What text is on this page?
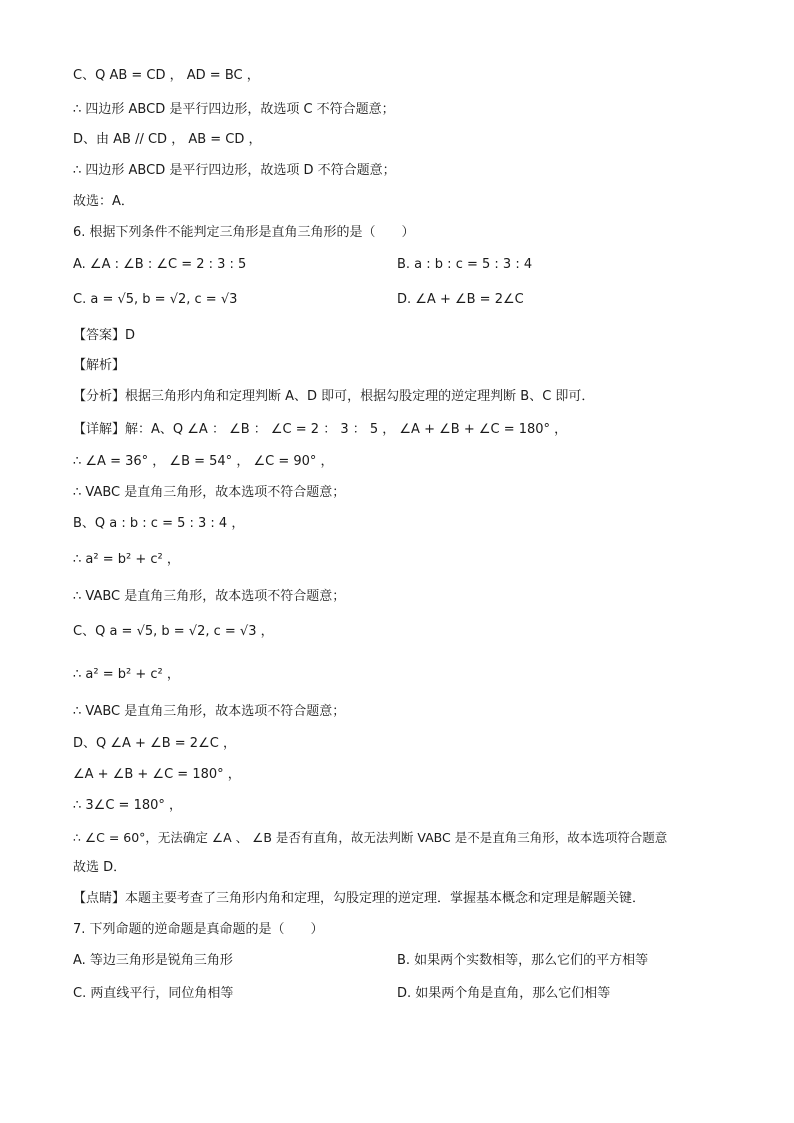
C、Q AB = CD ， AD = BC ，
∴ 四边形 ABCD 是平行四边形，故选项 C 不符合题意；
D、由 AB // CD ， AB = CD ，
∴ 四边形 ABCD 是平行四边形，故选项 D 不符合题意；
故选：A．
6. 根据下列条件不能判定三角形是直角三角形的是（　　）
A. ∠A : ∠B : ∠C = 2 : 3 : 5	B. a : b : c = 5 : 3 : 4
C. a = √5, b = √2, c = √3	D. ∠A + ∠B = 2∠C
【答案】D
【解析】
【分析】根据三角形内角和定理判断 A、D 即可，根据勾股定理的逆定理判断 B、C 即可．
【详解】解：A、Q ∠A ： ∠B ： ∠C = 2 ： 3 ： 5 ， ∠A + ∠B + ∠C = 180° ，
∴ ∠A = 36° ， ∠B = 54° ， ∠C = 90° ，
∴ VABC 是直角三角形，故本选项不符合题意；
B、Q a : b : c = 5 : 3 : 4 ，
∴ a² = b² + c² ，
∴ VABC 是直角三角形，故本选项不符合题意；
C、Q a = √5, b = √2, c = √3 ，
∴ a² = b² + c² ，
∴ VABC 是直角三角形，故本选项不符合题意；
D、Q ∠A + ∠B = 2∠C ，
∠A + ∠B + ∠C = 180° ，
∴ 3∠C = 180° ，
∴ ∠C = 60°，无法确定 ∠A 、 ∠B 是否有直角，故无法判断 VABC 是不是直角三角形，故本选项符合题意
故选 D．
【点睛】本题主要考查了三角形内角和定理，勾股定理的逆定理．掌握基本概念和定理是解题关键．
7. 下列命题的逆命题是真命题的是（　　）
A. 等边三角形是锐角三角形	B. 如果两个实数相等，那么它们的平方相等
C. 两直线平行，同位角相等	D. 如果两个角是直角，那么它们相等
